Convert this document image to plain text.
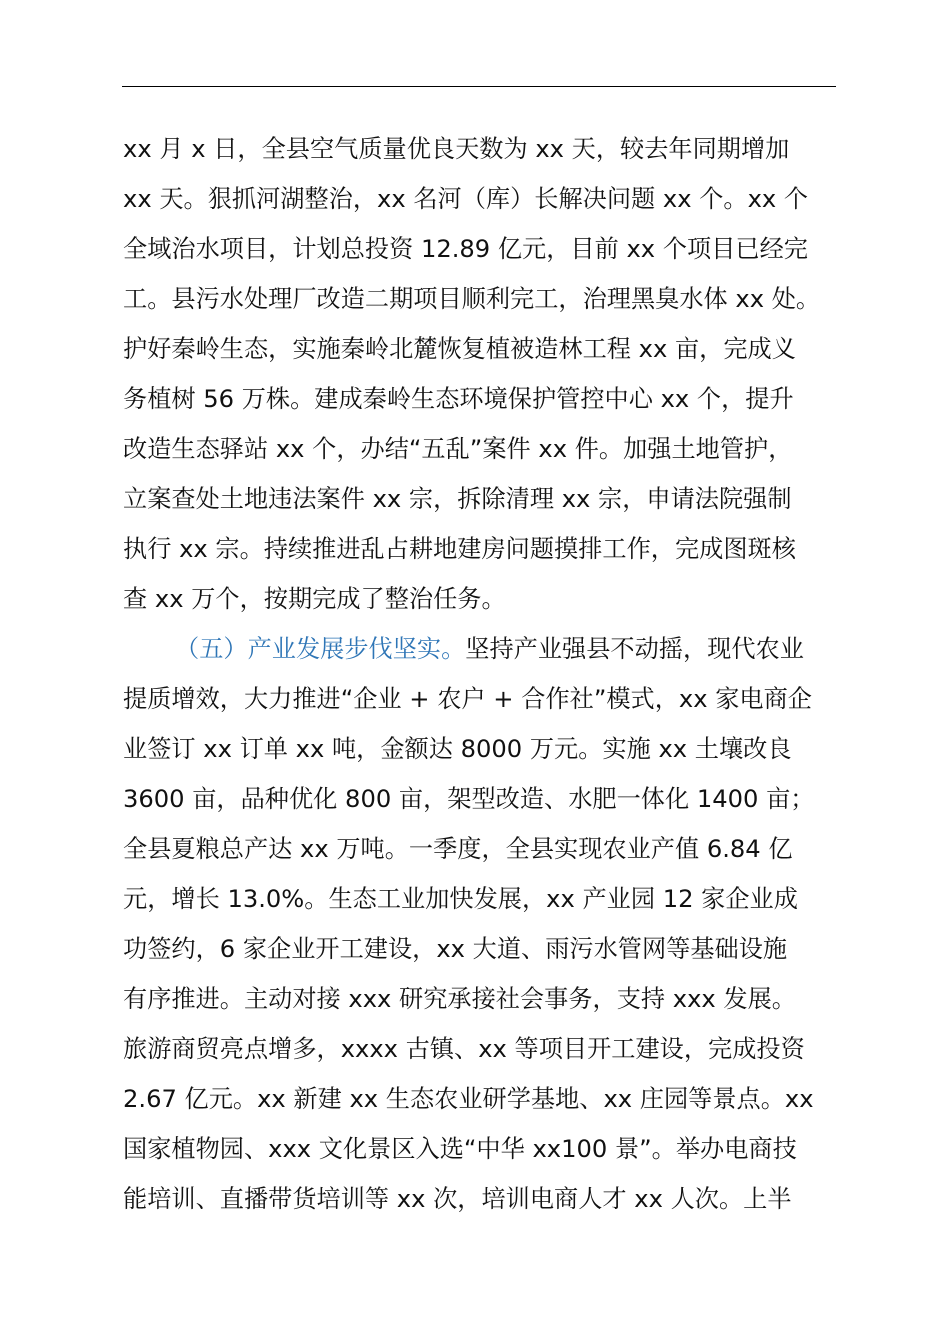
xx 月 x 日，全县空气质量优良天数为 xx 天，较去年同期增加
xx 天。狠抓河湖整治，xx 名河（库）长解决问题 xx 个。xx 个
全域治水项目，计划总投资 12.89 亿元，目前 xx 个项目已经完
工。县污水处理厂改造二期项目顺利完工，治理黑臭水体 xx 处。
护好秦岭生态，实施秦岭北麓恢复植被造林工程 xx 亩，完成义
务植树 56 万株。建成秦岭生态环境保护管控中心 xx 个，提升
改造生态驿站 xx 个，办结“五乱”案件 xx 件。加强土地管护，
立案查处土地违法案件 xx 宗，拆除清理 xx 宗，申请法院强制
执行 xx 宗。持续推进乱占耕地建房问题摸排工作，完成图斑核
查 xx 万个，按期完成了整治任务。
（五）产业发展步伐坚实。坚持产业强县不动摇，现代农业
提质增效，大力推进“企业 + 农户 + 合作社”模式，xx 家电商企
业签订 xx 订单 xx 吨，金额达 8000 万元。实施 xx 土壤改良
3600 亩，品种优化 800 亩，架型改造、水肥一体化 1400 亩；
全县夏粮总产达 xx 万吨。一季度，全县实现农业产值 6.84 亿
元，增长 13.0%。生态工业加快发展，xx 产业园 12 家企业成
功签约，6 家企业开工建设，xx 大道、雨污水管网等基础设施
有序推进。主动对接 xxx 研究承接社会事务，支持 xxx 发展。
旅游商贸亮点增多，xxxx 古镇、xx 等项目开工建设，完成投资
2.67 亿元。xx 新建 xx 生态农业研学基地、xx 庄园等景点。xx
国家植物园、xxx 文化景区入选“中华 xx100 景”。举办电商技
能培训、直播带货培训等 xx 次，培训电商人才 xx 人次。上半
